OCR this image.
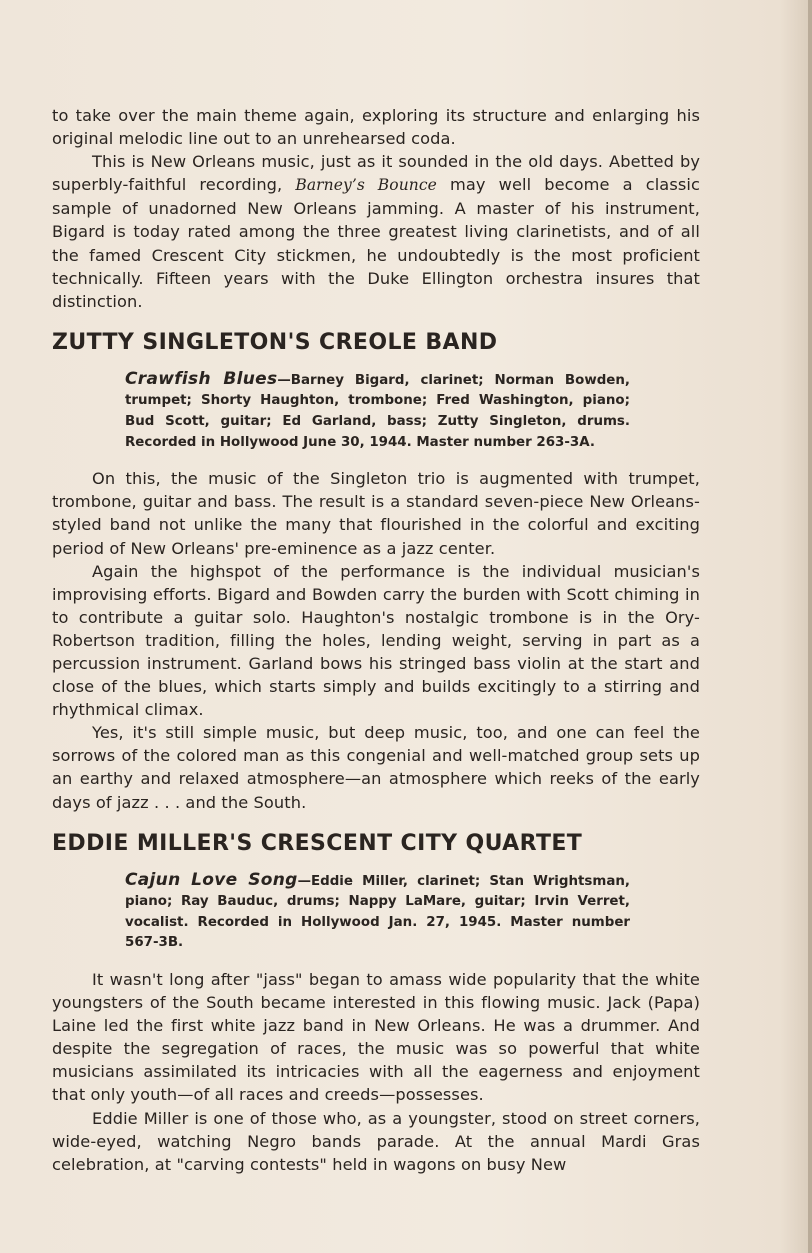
to take over the main theme again, exploring its structure and enlarging his original melodic line out to an unrehearsed coda.

This is New Orleans music, just as it sounded in the old days. Abetted by superbly-faithful recording, Barney’s Bounce may well become a classic sample of unadorned New Orleans jamming. A master of his instrument, Bigard is today rated among the three greatest living clarinetists, and of all the famed Crescent City stickmen, he undoubtedly is the most proficient technically. Fifteen years with the Duke Ellington orchestra insures that distinction.

ZUTTY SINGLETON'S CREOLE BAND
Crawfish Blues—Barney Bigard, clarinet; Norman Bowden, trumpet; Shorty Haughton, trombone; Fred Washington, piano; Bud Scott, guitar; Ed Garland, bass; Zutty Singleton, drums. Recorded in Hollywood June 30, 1944. Master number 263-3A.

On this, the music of the Singleton trio is augmented with trumpet, trombone, guitar and bass. The result is a standard seven-piece New Orleans-styled band not unlike the many that flourished in the colorful and exciting period of New Orleans' pre-eminence as a jazz center.

Again the highspot of the performance is the individual musician's improvising efforts. Bigard and Bowden carry the burden with Scott chiming in to contribute a guitar solo. Haughton's nostalgic trombone is in the Ory-Robertson tradition, filling the holes, lending weight, serving in part as a percussion instrument. Garland bows his stringed bass violin at the start and close of the blues, which starts simply and builds excitingly to a stirring and rhythmical climax.

Yes, it's still simple music, but deep music, too, and one can feel the sorrows of the colored man as this congenial and well-matched group sets up an earthy and relaxed atmosphere—an atmosphere which reeks of the early days of jazz . . . and the South.

EDDIE MILLER'S CRESCENT CITY QUARTET
Cajun Love Song—Eddie Miller, clarinet; Stan Wrightsman, piano; Ray Bauduc, drums; Nappy LaMare, guitar; Irvin Verret, vocalist. Recorded in Hollywood Jan. 27, 1945. Master number 567-3B.

It wasn't long after "jass" began to amass wide popularity that the white youngsters of the South became interested in this flowing music. Jack (Papa) Laine led the first white jazz band in New Orleans. He was a drummer. And despite the segregation of races, the music was so powerful that white musicians assimilated its intricacies with all the eagerness and enjoyment that only youth—of all races and creeds—possesses.

Eddie Miller is one of those who, as a youngster, stood on street corners, wide-eyed, watching Negro bands parade. At the annual Mardi Gras celebration, at "carving contests" held in wagons on busy New
